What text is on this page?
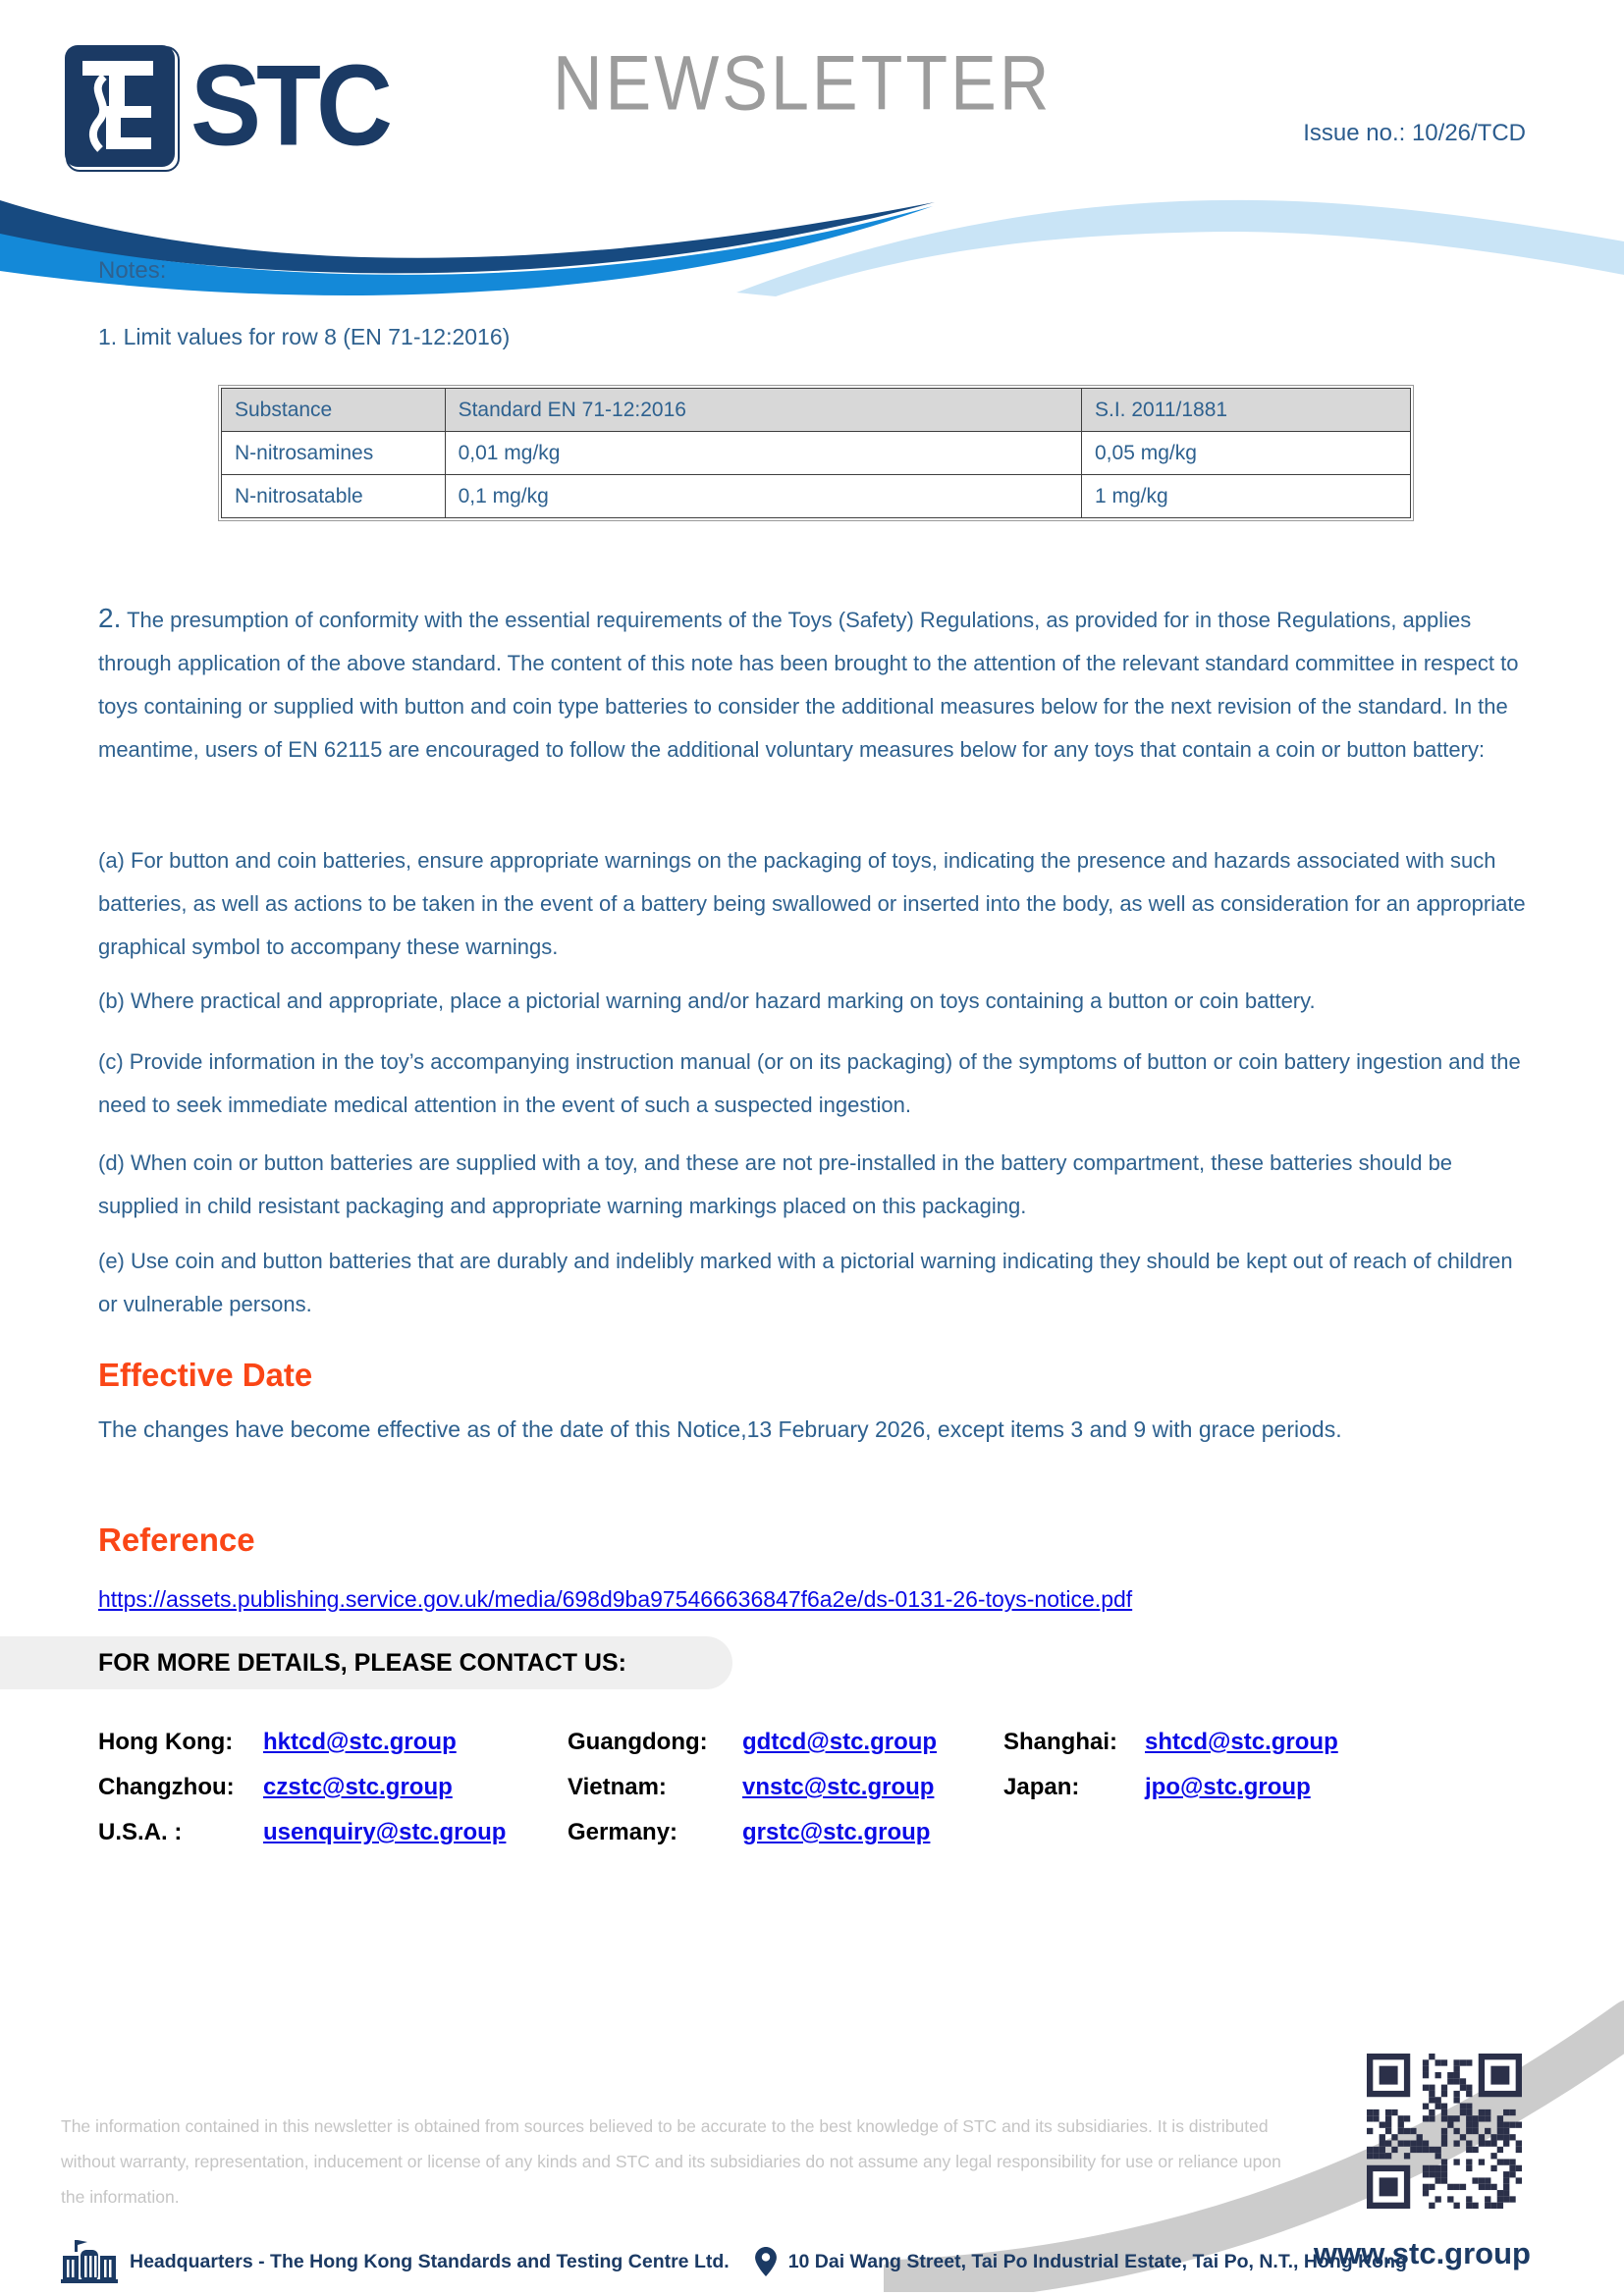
STC NEWSLETTER
Issue no.: 10/26/TCD
Notes:
1. Limit values for row 8 (EN 71-12:2016)
Substance	Standard EN 71-12:2016	S.I. 2011/1881
N-nitrosamines	0,01 mg/kg	0,05 mg/kg
N-nitrosatable	0,1 mg/kg	1 mg/kg
2. The presumption of conformity with the essential requirements of the Toys (Safety) Regulations, as provided for in those Regulations, applies through application of the above standard. The content of this note has been brought to the attention of the relevant standard committee in respect to toys containing or supplied with button and coin type batteries to consider the additional measures below for the next revision of the standard. In the meantime, users of EN 62115 are encouraged to follow the additional voluntary measures below for any toys that contain a coin or button battery:
(a) For button and coin batteries, ensure appropriate warnings on the packaging of toys, indicating the presence and hazards associated with such batteries, as well as actions to be taken in the event of a battery being swallowed or inserted into the body, as well as consideration for an appropriate graphical symbol to accompany these warnings.
(b) Where practical and appropriate, place a pictorial warning and/or hazard marking on toys containing a button or coin battery.
(c) Provide information in the toy’s accompanying instruction manual (or on its packaging) of the symptoms of button or coin battery ingestion and the need to seek immediate medical attention in the event of such a suspected ingestion.
(d) When coin or button batteries are supplied with a toy, and these are not pre-installed in the battery compartment, these batteries should be supplied in child resistant packaging and appropriate warning markings placed on this packaging.
(e) Use coin and button batteries that are durably and indelibly marked with a pictorial warning indicating they should be kept out of reach of children or vulnerable persons.
Effective Date
The changes have become effective as of the date of this Notice,13 February 2026, except items 3 and 9 with grace periods.
Reference
https://assets.publishing.service.gov.uk/media/698d9ba975466636847f6a2e/ds-0131-26-toys-notice.pdf
FOR MORE DETAILS, PLEASE CONTACT US:
Hong Kong:	hktcd@stc.group	Guangdong:	gdtcd@stc.group	Shanghai:	shtcd@stc.group
Changzhou:	czstc@stc.group	Vietnam:	vnstc@stc.group	Japan:	jpo@stc.group
U.S.A. :	usenquiry@stc.group	Germany:	grstc@stc.group
The information contained in this newsletter is obtained from sources believed to be accurate to the best knowledge of STC and its subsidiaries. It is distributed without warranty, representation, inducement or license of any kinds and STC and its subsidiaries do not assume any legal responsibility for use or reliance upon the information.
Headquarters - The Hong Kong Standards and Testing Centre Ltd.	10 Dai Wang Street, Tai Po Industrial Estate, Tai Po, N.T., Hong Kong
www.stc.group
